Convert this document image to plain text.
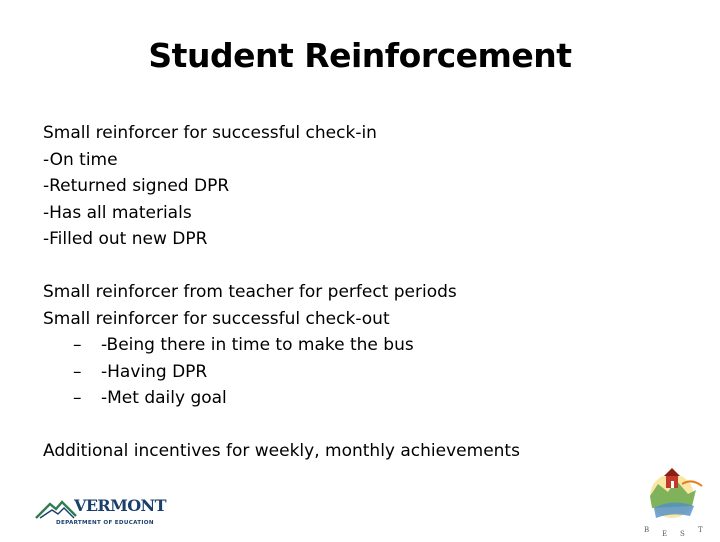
Student Reinforcement
Small reinforcer for successful check-in
-On time
-Returned signed DPR
-Has all materials
-Filled out new DPR
Small reinforcer from teacher for perfect periods
Small reinforcer for successful check-out
– -Being there in time to make the bus
– -Having DPR
– -Met daily goal
Additional incentives for weekly, monthly achievements
VERMONT
DEPARTMENT OF EDUCATION
B E S T
